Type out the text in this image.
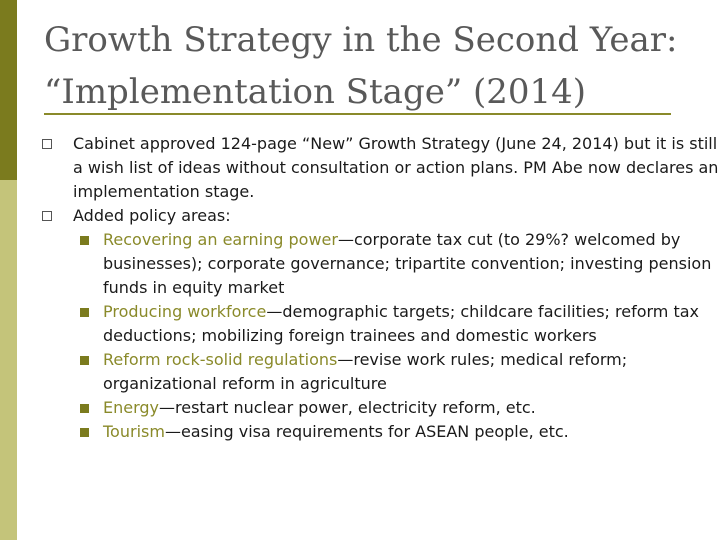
Growth Strategy in the Second Year:
“Implementation Stage” (2014)
Cabinet approved 124-page “New” Growth Strategy (June 24, 2014) but it is still a wish list of ideas without consultation or action plans. PM Abe now declares an implementation stage.
Added policy areas:
Recovering an earning power—corporate tax cut (to 29%? welcomed by businesses); corporate governance; tripartite convention; investing pension funds in equity market
Producing workforce—demographic targets; childcare facilities; reform tax deductions; mobilizing foreign trainees and domestic workers
Reform rock-solid regulations—revise work rules; medical reform; organizational reform in agriculture
Energy—restart nuclear power, electricity reform, etc.
Tourism—easing visa requirements for ASEAN people, etc.
